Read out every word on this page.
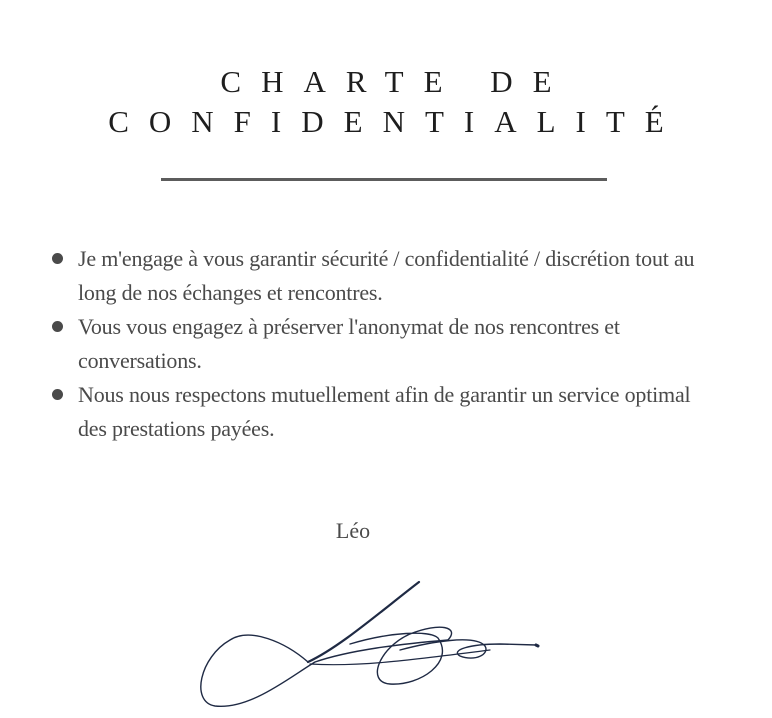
CHARTE DE
CONFIDENTIALITÉ
Je m'engage à vous garantir sécurité / confidentialité / discrétion tout au long de nos échanges et rencontres.
Vous vous engagez à préserver l'anonymat de nos rencontres et conversations.
Nous nous respectons mutuellement afin de garantir un service optimal des prestations payées.
Léo
